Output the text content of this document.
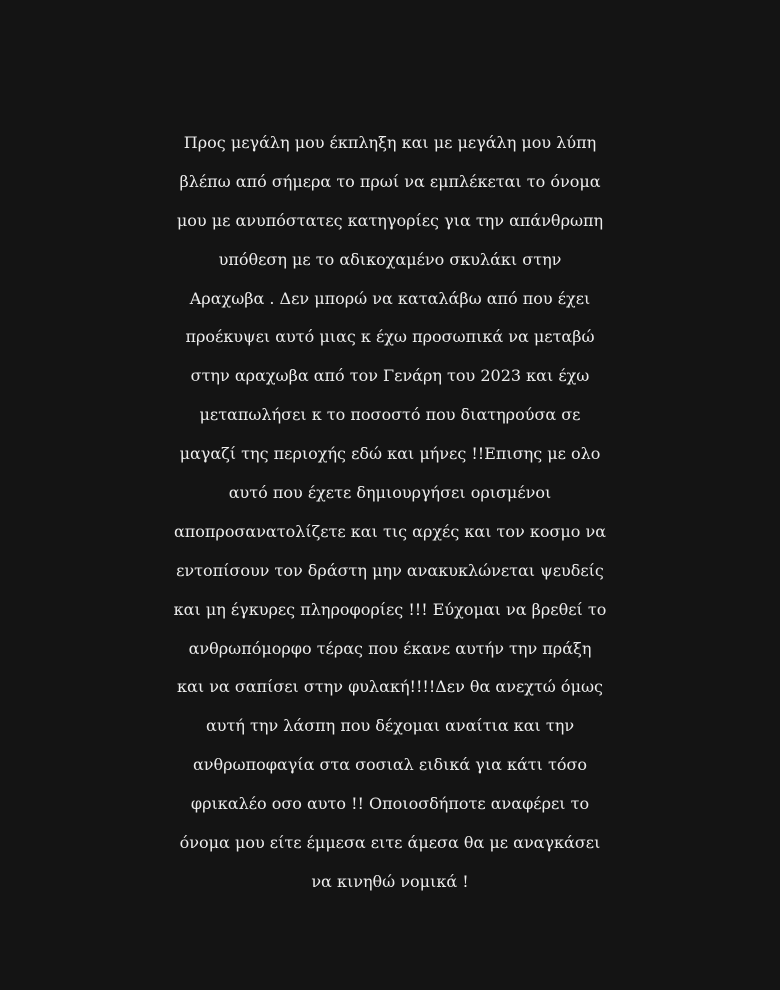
Προς μεγάλη μου έκπληξη και με μεγάλη μου λύπη
βλέπω από σήμερα το πρωί να εμπλέκεται το όνομα
μου με ανυπόστατες κατηγορίες για την απάνθρωπη
υπόθεση με το αδικοχαμένο σκυλάκι στην
Αραχωβα . Δεν μπορώ να καταλάβω από που έχει
προέκυψει αυτό μιας κ έχω προσωπικά να μεταβώ
στην αραχωβα από τον Γενάρη του 2023 και έχω
μεταπωλήσει κ το ποσοστό που διατηρούσα σε
μαγαζί της περιοχής εδώ και μήνες !!Επισης με ολο
αυτό που έχετε δημιουργήσει ορισμένοι
αποπροσανατολίζετε και τις αρχές και τον κοσμο να
εντοπίσουν τον δράστη μην ανακυκλώνεται ψευδείς
και μη έγκυρες πληροφορίες !!! Εύχομαι να βρεθεί το
ανθρωπόμορφο τέρας που έκανε αυτήν την πράξη
και να σαπίσει στην φυλακή!!!!Δεν θα ανεχτώ όμως
αυτή την λάσπη που δέχομαι αναίτια και την
ανθρωποφαγία στα σοσιαλ ειδικά για κάτι τόσο
φρικαλέο οσο αυτο !! Οποιοσδήποτε αναφέρει το
όνομα μου είτε έμμεσα ειτε άμεσα θα με αναγκάσει
να κινηθώ νομικά !
